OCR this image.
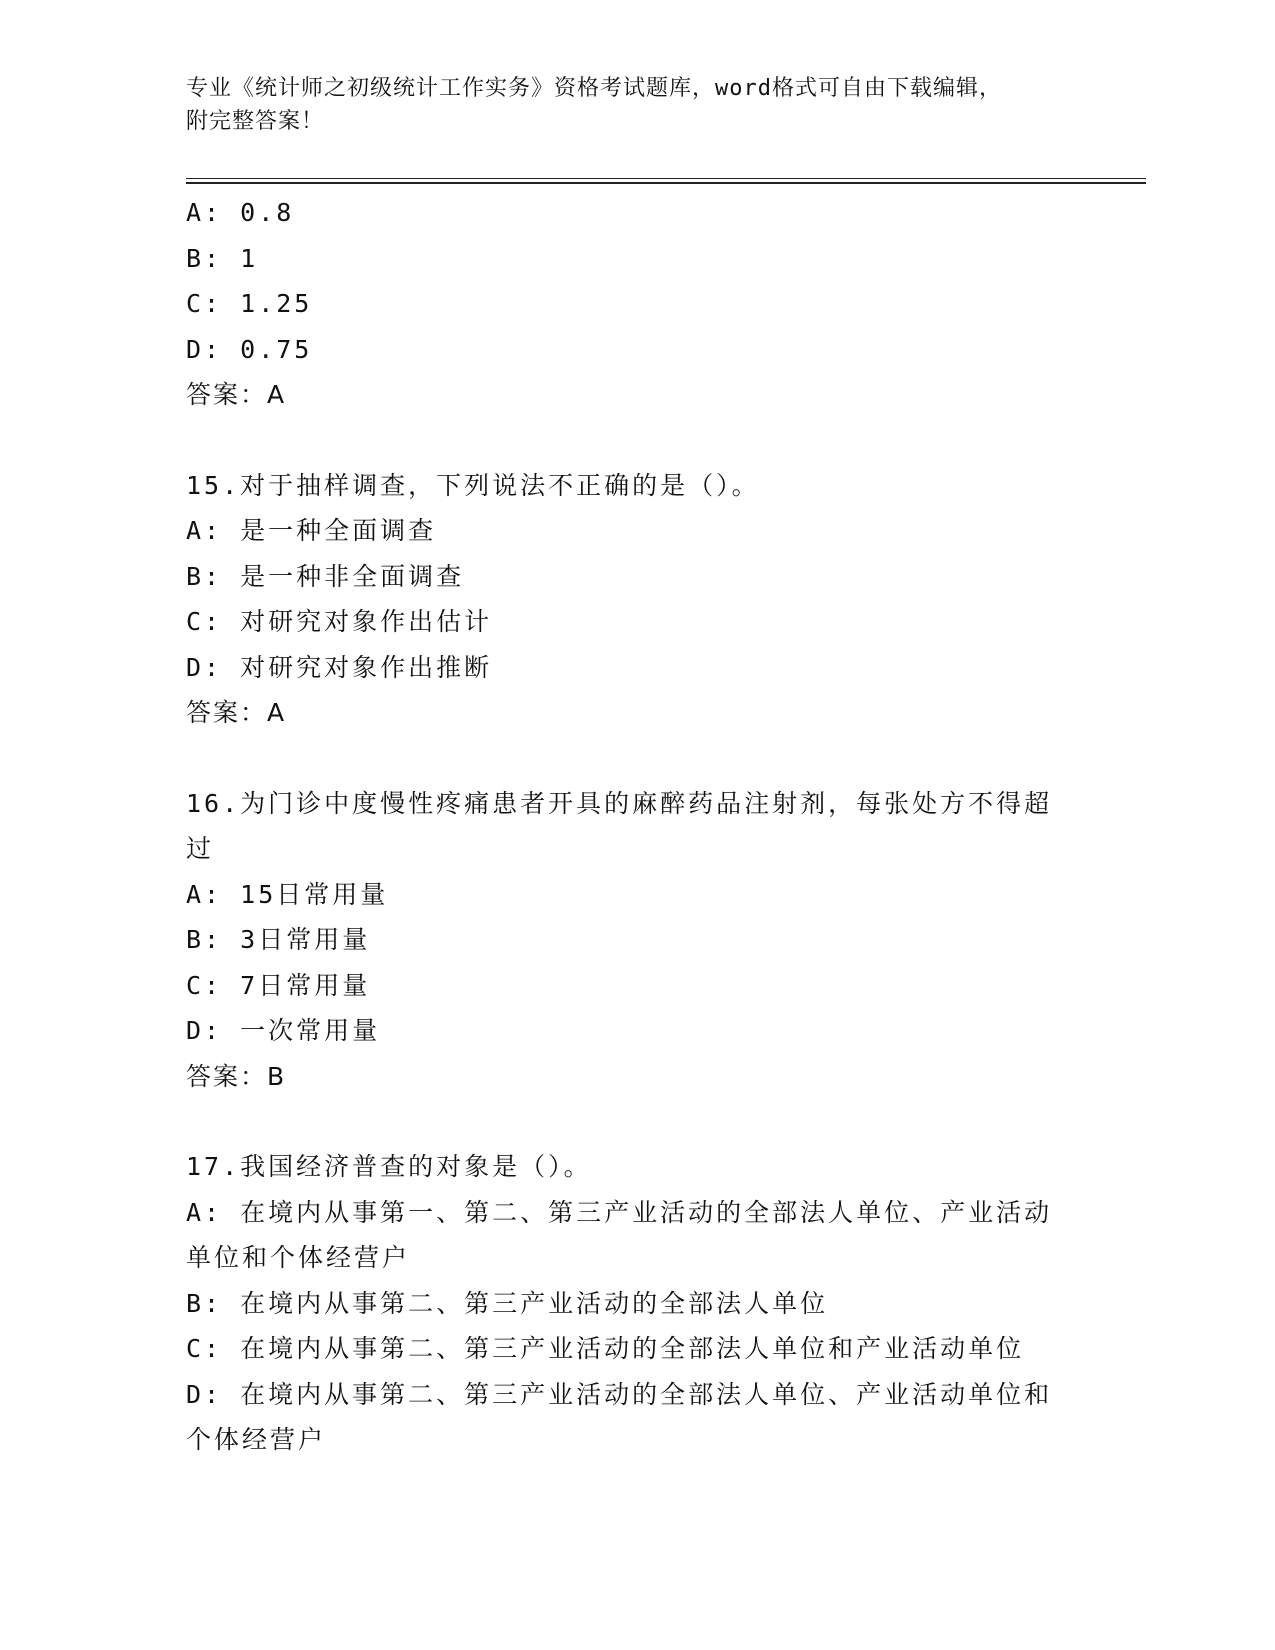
专业《统计师之初级统计工作实务》资格考试题库，word格式可自由下载编辑，
附完整答案！
A: 0.8
B: 1
C: 1.25
D: 0.75
答案：A
15.对于抽样调查，下列说法不正确的是（）。
A: 是一种全面调查
B: 是一种非全面调查
C: 对研究对象作出估计
D: 对研究对象作出推断
答案：A
16.为门诊中度慢性疼痛患者开具的麻醉药品注射剂，每张处方不得超
过
A: 15日常用量
B: 3日常用量
C: 7日常用量
D: 一次常用量
答案：B
17.我国经济普查的对象是（）。
A: 在境内从事第一、第二、第三产业活动的全部法人单位、产业活动
单位和个体经营户
B: 在境内从事第二、第三产业活动的全部法人单位
C: 在境内从事第二、第三产业活动的全部法人单位和产业活动单位
D: 在境内从事第二、第三产业活动的全部法人单位、产业活动单位和
个体经营户
